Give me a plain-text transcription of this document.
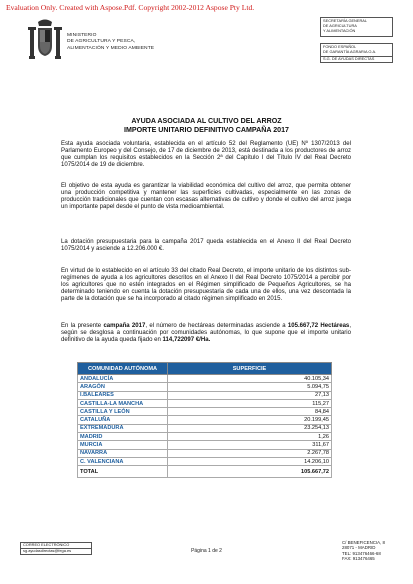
Evaluation Only. Created with Aspose.Pdf. Copyright 2002-2012 Aspose Pty Ltd.
MINISTERIO
DE AGRICULTURA Y PESCA,
ALIMENTACIÓN Y MEDIO AMBIENTE
SECRETARÍA GENERAL
DE AGRICULTURA
Y ALIMENTACIÓN
FONDO ESPAÑOL
DE GARANTÍA AGRARIA O.A.
S.G. DE AYUDAS DIRECTAS
AYUDA ASOCIADA AL CULTIVO DEL ARROZ
IMPORTE UNITARIO DEFINITIVO CAMPAÑA 2017
Esta ayuda asociada voluntaria, establecida en el artículo 52 del Reglamento (UE) Nº 1307/2013 del Parlamento Europeo y del Consejo, de 17 de diciembre de 2013, está destinada a los productores de arroz que cumplan los requisitos establecidos en la Sección 2ª del Capítulo I del Título IV del Real Decreto 1075/2014 de 19 de diciembre.
El objetivo de esta ayuda es garantizar la viabilidad económica del cultivo del arroz, que permita obtener una producción competitiva y mantener las superficies cultivadas, especialmente en las zonas de producción tradicionales que cuentan con escasas alternativas de cultivo y donde el cultivo del arroz juega un importante papel desde el punto de vista medioambiental.
La dotación presupuestaria para la campaña 2017 queda establecida en el Anexo II del Real Decreto 1075/2014 y asciende a 12.206.000 €.
En virtud de lo establecido en el artículo 33 del citado Real Decreto, el importe unitario de los distintos sub-regímenes de ayuda a los agricultores descritos en el Anexo II del Real Decreto 1075/2014 a percibir por los agricultores que no estén integrados en el Régimen simplificado de Pequeños Agricultores, se ha determinado teniendo en cuenta la dotación presupuestaria de cada una de ellos, una vez descontada la parte de la dotación que se ha incorporado al citado régimen simplificado en 2015.
En la presente campaña 2017, el número de hectáreas determinadas asciende a 105.667,72 Hectáreas, según se desglosa a continuación por comunidades autónomas, lo que supone que el importe unitario definitivo de la ayuda queda fijado en 114,722097 €/Ha.
COMUNIDAD AUTÓNOMA	SUPERFICIE
ANDALUCÍA	40.105,34
ARAGÓN	5.094,75
I.BALEARES	27,13
CASTILLA-LA MANCHA	115,27
CASTILLA Y LEÓN	84,84
CATALUÑA	20.199,45
EXTREMADURA	23.254,13
MADRID	1,26
MURCIA	311,67
NAVARRA	2.267,78
C. VALENCIANA	14.206,10
TOTAL	105.667,72
CORREO ELECTRÓNICO
sg.ayudasdirectas@fega.es	Página 1 de 2
C/ BENEFICENCIA, 8
28071 - MADRID
TEL: 913476466-68
FAX: 913476465
